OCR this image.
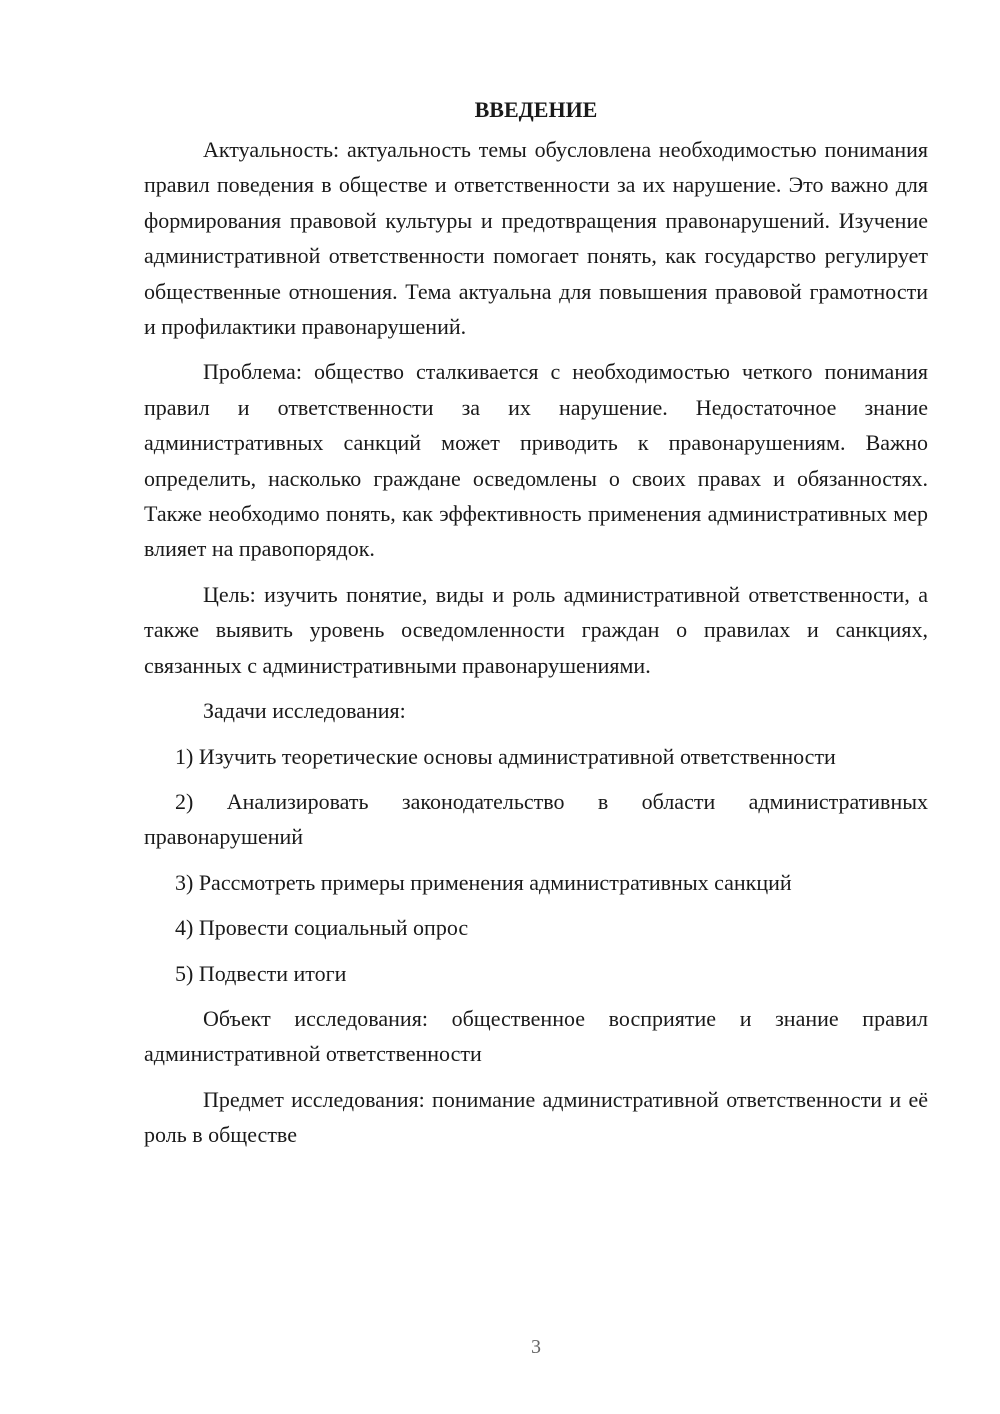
ВВЕДЕНИЕ

Актуальность: актуальность темы обусловлена необходимостью понимания правил поведения в обществе и ответственности за их нарушение. Это важно для формирования правовой культуры и предотвращения правонарушений. Изучение административной ответственности помогает понять, как государство регулирует общественные отношения. Тема актуальна для повышения правовой грамотности и профилактики правонарушений.

Проблема: общество сталкивается с необходимостью четкого понимания правил и ответственности за их нарушение. Недостаточное знание административных санкций может приводить к правонарушениям. Важно определить, насколько граждане осведомлены о своих правах и обязанностях. Также необходимо понять, как эффективность применения административных мер влияет на правопорядок.

Цель: изучить понятие, виды и роль административной ответственности, а также выявить уровень осведомленности граждан о правилах и санкциях, связанных с административными правонарушениями.

Задачи исследования:

1) Изучить теоретические основы административной ответственности

2) Анализировать законодательство в области административных правонарушений

3) Рассмотреть примеры применения административных санкций

4) Провести социальный опрос

5) Подвести итоги

Объект исследования: общественное восприятие и знание правил административной ответственности

Предмет исследования: понимание административной ответственности и её роль в обществе

3
